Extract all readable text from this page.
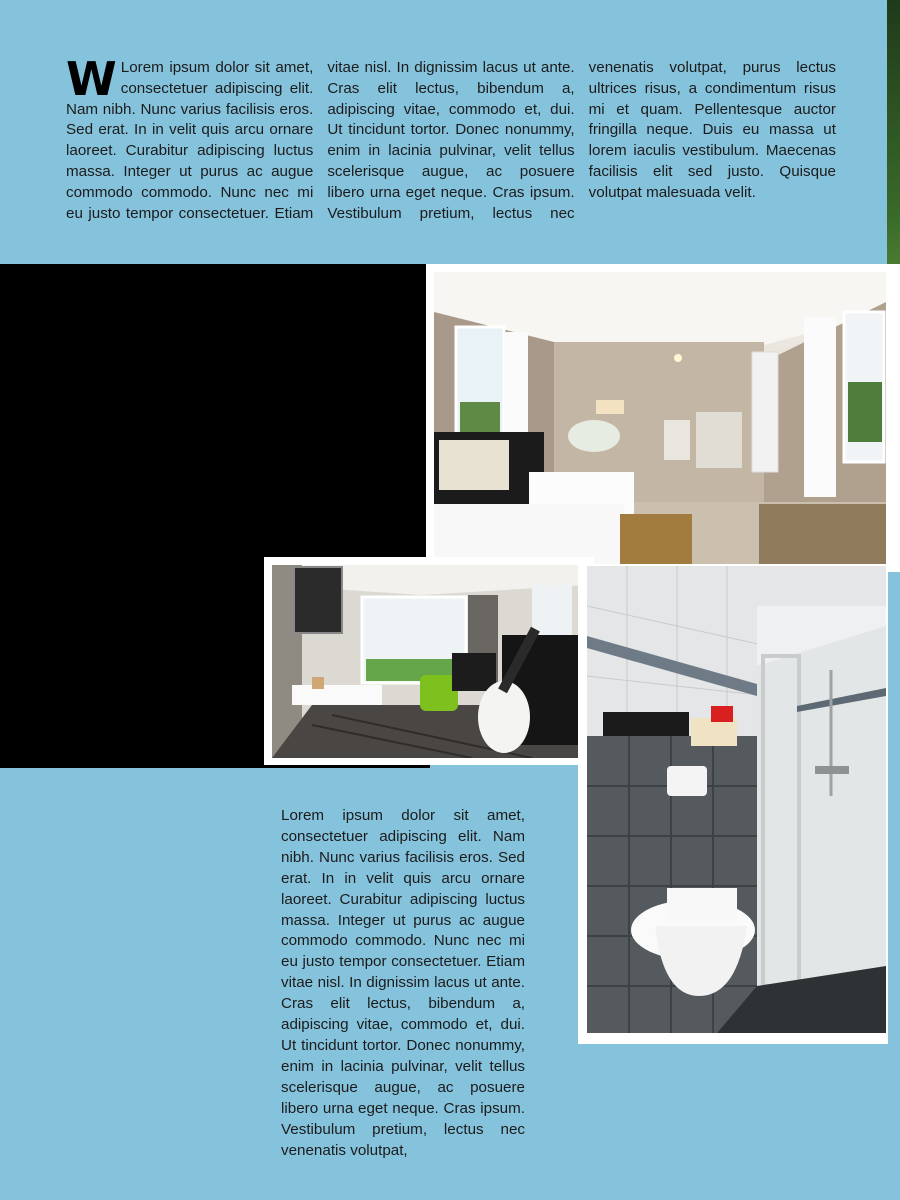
W Lorem ipsum dolor sit amet, consectetuer adipiscing elit. Nam nibh. Nunc varius facilisis eros. Sed erat. In in velit quis arcu ornare laoreet. Curabitur adipiscing luctus massa. Integer ut purus ac augue commodo commodo. Nunc nec mi eu justo tempor consectetuer. Etiam vitae nisl. In dignissim lacus ut ante. Cras elit lectus, bibendum a, adipiscing vitae, commodo et, dui. Ut tincidunt tortor. Donec nonummy, enim in lacinia pulvinar, velit tellus scelerisque augue, ac posuere libero urna eget neque. Cras ipsum. Vestibulum pretium, lectus nec venenatis volutpat, purus lectus ultrices risus, a condimentum risus mi et quam. Pellentesque auctor fringilla neque. Duis eu massa ut lorem iaculis vestibulum. Maecenas facilisis elit sed justo. Quisque volutpat malesuada velit.
Lorem ipsum dolor sit amet, consectetuer adipiscing elit. Nam nibh. Nunc varius facilisis eros. Sed erat. In in velit quis arcu ornare laoreet. Curabitur adipiscing luctus massa. Integer ut purus ac augue commodo commodo. Nunc nec mi eu justo tempor consectetuer. Etiam vitae nisl. In dignissim lacus ut ante. Cras elit lectus, bibendum a, adipiscing vitae, commodo et, dui. Ut tincidunt tortor. Donec nonummy, enim in lacinia pulvinar, velit tellus scelerisque augue, ac posuere libero urna eget neque. Cras ipsum. Vestibulum pretium, lectus nec venenatis volutpat,
